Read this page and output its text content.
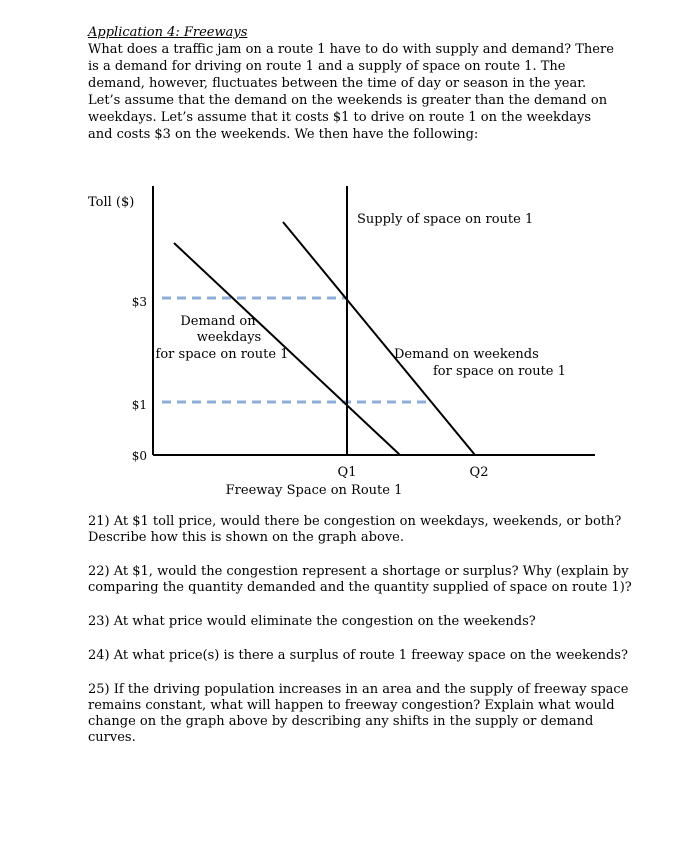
Application 4: Freeways
What does a traffic jam on a route 1 have to do with supply and demand? There is a demand for driving on route 1 and a supply of space on route 1. The demand, however, fluctuates between the time of day or season in the year. Let’s assume that the demand on the weekends is greater than the demand on weekdays. Let’s assume that it costs $1 to drive on route 1 on the weekdays and costs $3 on the weekends. We then have the following:
Toll ($)
$3
$1
$0
Q1	Q2
Freeway Space on Route 1
Supply of space on route 1
Demand on
weekdays
for space on route 1	Demand on weekends
for space on route 1

21) At $1 toll price, would there be congestion on weekdays, weekends, or both? Describe how this is shown on the graph above.

22) At $1, would the congestion represent a shortage or surplus? Why (explain by comparing the quantity demanded and the quantity supplied of space on route 1)?

23) At what price would eliminate the congestion on the weekends?

24) At what price(s) is there a surplus of route 1 freeway space on the weekends?

25) If the driving population increases in an area and the supply of freeway space remains constant, what will happen to freeway congestion? Explain what would change on the graph above by describing any shifts in the supply or demand curves.
